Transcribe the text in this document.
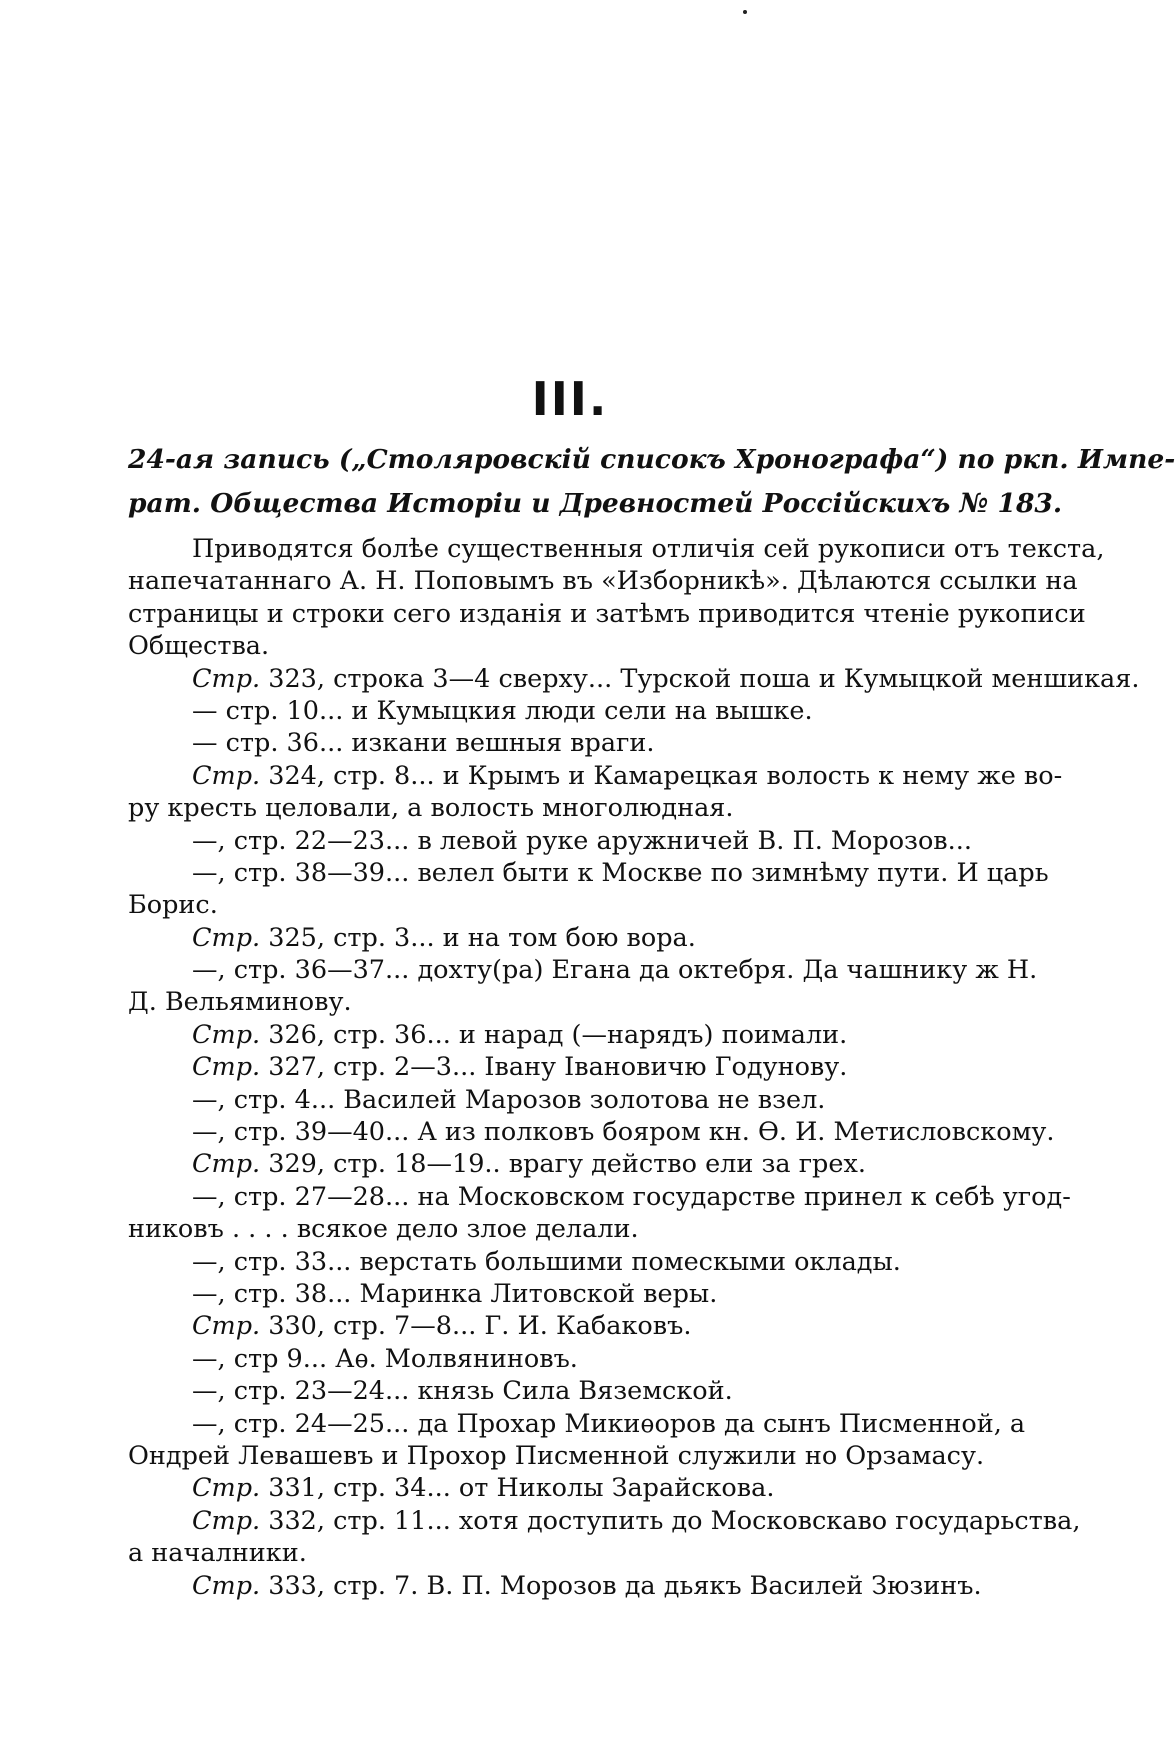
III.
24-ая запись („Столяровскій списокъ Хронографа“) по ркп. Импе-
рат. Общества Исторіи и Древностей Россійскихъ № 183.
Приводятся болѣе существенныя отличія сей рукописи отъ текста,
напечатаннаго А. Н. Поповымъ въ «Изборникѣ». Дѣлаются ссылки на
страницы и строки сего изданія и затѣмъ приводится чтеніе рукописи
Общества.
Стр. 323, строка 3—4 сверху... Турской поша и Кумыцкой меншикая.
— стр. 10... и Кумыцкия люди сели на вышке.
— стр. 36... изкани вешныя враги.
Стр. 324, стр. 8... и Крымъ и Камарецкая волость к нему же во-
ру кресть целовали, а волость многолюдная.
—, стр. 22—23... в левой руке аружничей В. П. Морозов...
—, стр. 38—39... велел быти к Москве по зимнѣму пути. И царь
Борис.
Стр. 325, стр. 3... и на том бою вора.
—, стр. 36—37... дохту(ра) Егана да октебря. Да чашнику ж Н.
Д. Вельяминову.
Стр. 326, стр. 36... и нарад (—нарядъ) поимали.
Стр. 327, стр. 2—3... Івану Івановичю Годунову.
—, стр. 4... Василей Марозов золотова не взел.
—, стр. 39—40... А из полковъ бояром кн. Ѳ. И. Метисловскому.
Стр. 329, стр. 18—19.. врагу действо ели за грех.
—, стр. 27—28... на Московском государстве принел к себѣ угод-
никовъ . . . . всякое дело злое делали.
—, стр. 33... верстать большими помескыми оклады.
—, стр. 38... Маринка Литовской веры.
Стр. 330, стр. 7—8... Г. И. Кабаковъ.
—, стр 9... Аѳ. Молвяниновъ.
—, стр. 23—24... князь Сила Вяземской.
—, стр. 24—25... да Прохар Микиѳоров да сынъ Писменной, а
Ондрей Левашевъ и Прохор Писменной служили но Орзамасу.
Стр. 331, стр. 34... от Николы Зарайскова.
Стр. 332, стр. 11... хотя доступить до Московскаво государьства,
а началники.
Стр. 333, стр. 7. В. П. Морозов да дьякъ Василей Зюзинъ.
